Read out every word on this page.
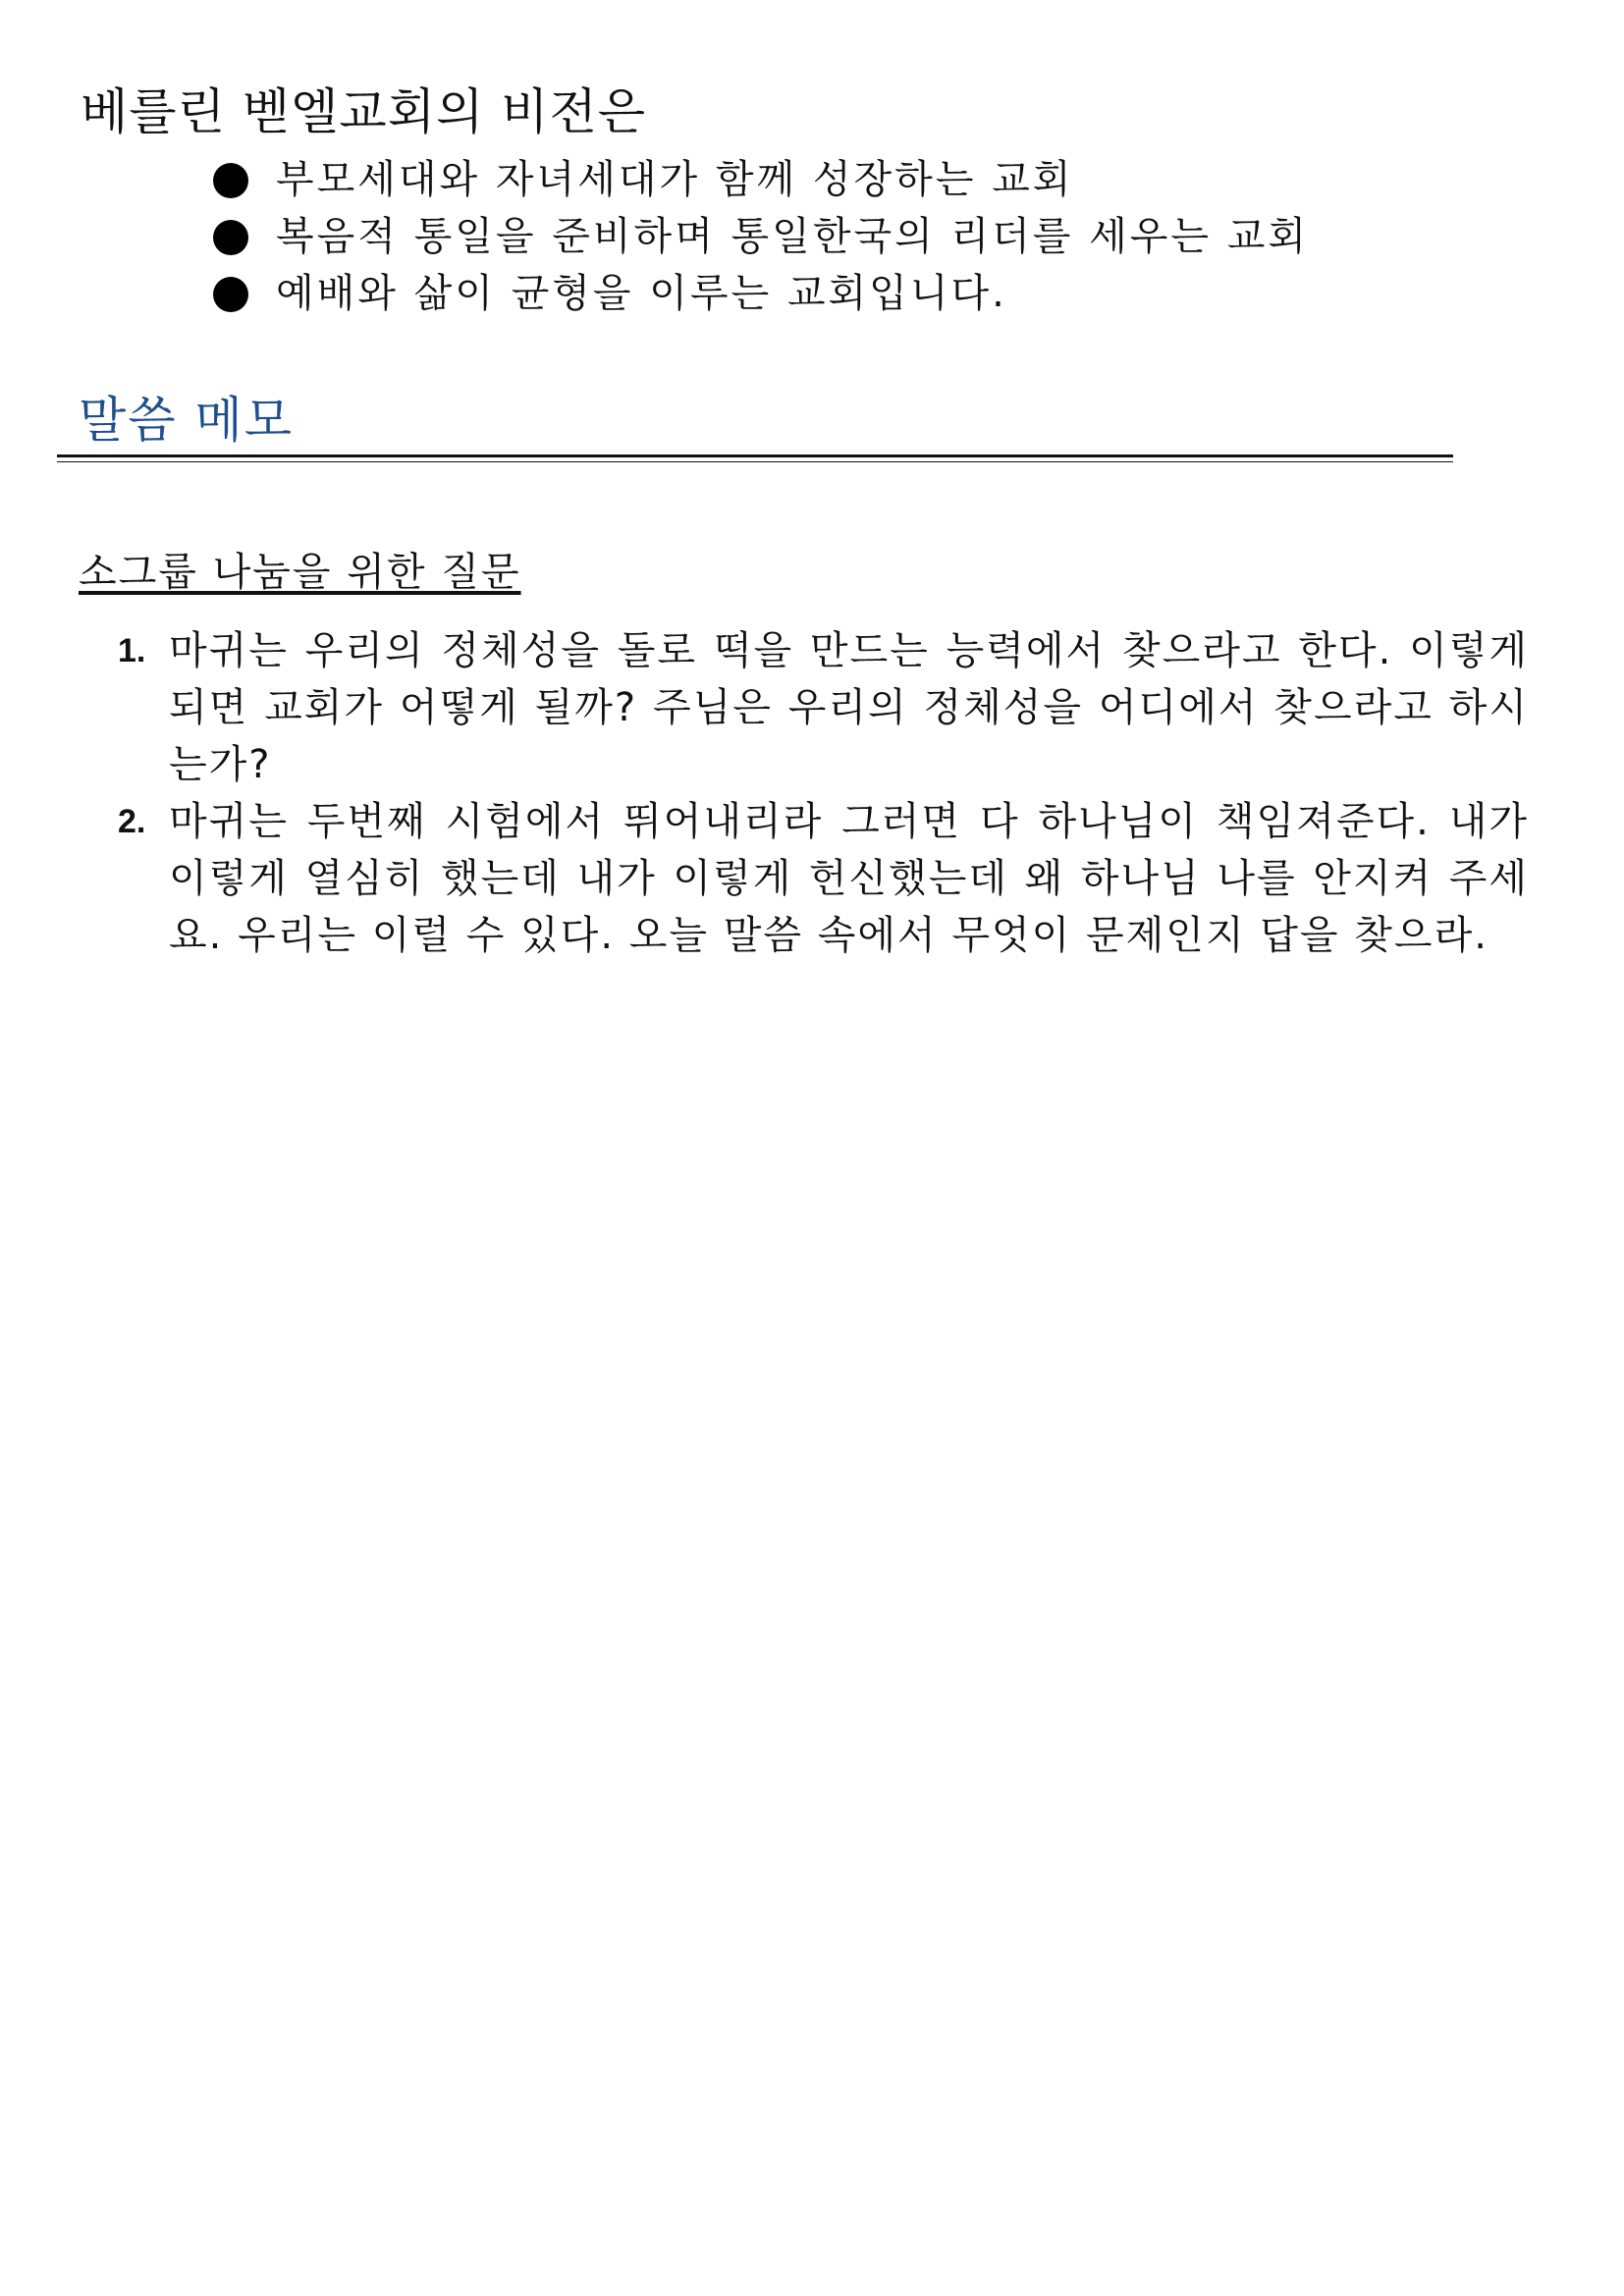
베를린 벧엘교회의 비전은
부모세대와 자녀세대가 함께 성장하는 교회
복음적 통일을 준비하며 통일한국의 리더를 세우는 교회
예배와 삶이 균형을 이루는 교회입니다.
말씀 메모
소그룹 나눔을 위한 질문
1. 마귀는 우리의 정체성을 돌로 떡을 만드는 능력에서 찾으라고 한다. 이렇게 되면 교회가 어떻게 될까? 주님은 우리의 정체성을 어디에서 찾으라고 하시는가?
2. 마귀는 두번째 시험에서 뛰어내리라 그러면 다 하나님이 책임져준다. 내가 이렇게 열심히 했는데 내가 이렇게 헌신했는데 왜 하나님 나를 안지켜 주세요. 우리는 이럴 수 있다. 오늘 말씀 속에서 무엇이 문제인지 답을 찾으라.
